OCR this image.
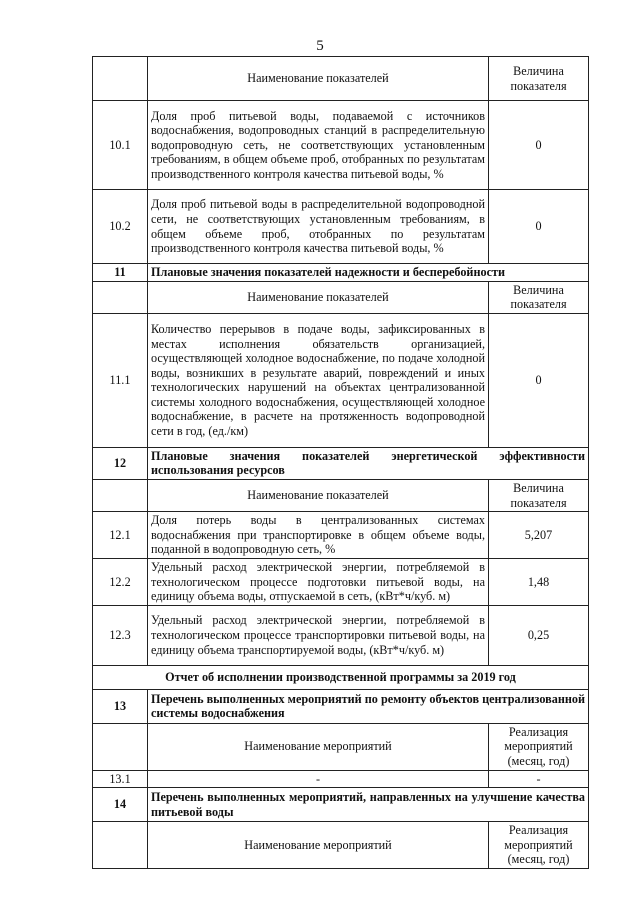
5
	Наименование показателей	Величина показателя
10.1	Доля проб питьевой воды, подаваемой с источников водоснабжения, водопроводных станций в распределительную водопроводную сеть, не соответствующих установленным требованиям, в общем объеме проб, отобранных по результатам производственного контроля качества питьевой воды, %	0
10.2	Доля проб питьевой воды в распределительной водопроводной сети, не соответствующих установленным требованиям, в общем объеме проб, отобранных по результатам производственного контроля качества питьевой воды, %	0
11	Плановые значения показателей надежности и бесперебойности	
	Наименование показателей	Величина показателя
11.1	Количество перерывов в подаче воды, зафиксированных в местах исполнения обязательств организацией, осуществляющей холодное водоснабжение, по подаче холодной воды, возникших в результате аварий, повреждений и иных технологических нарушений на объектах централизованной системы холодного водоснабжения, осуществляющей холодное водоснабжение, в расчете на протяженность водопроводной сети в год, (ед./км)	0
12	Плановые значения показателей энергетической эффективности использования ресурсов	
	Наименование показателей	Величина показателя
12.1	Доля потерь воды в централизованных системах водоснабжения при транспортировке в общем объеме воды, поданной в водопроводную сеть, %	5,207
12.2	Удельный расход электрической энергии, потребляемой в технологическом процессе подготовки питьевой воды, на единицу объема воды, отпускаемой в сеть, (кВт*ч/куб. м)	1,48
12.3	Удельный расход электрической энергии, потребляемой в технологическом процессе транспортировки питьевой воды, на единицу объема транспортируемой воды, (кВт*ч/куб. м)	0,25
Отчет об исполнении производственной программы за 2019 год		
13	Перечень выполненных мероприятий по ремонту объектов централизованной системы водоснабжения	
	Наименование мероприятий	Реализация мероприятий (месяц, год)
13.1	-	-
14	Перечень выполненных мероприятий, направленных на улучшение качества питьевой воды	
	Наименование мероприятий	Реализация мероприятий (месяц, год)
